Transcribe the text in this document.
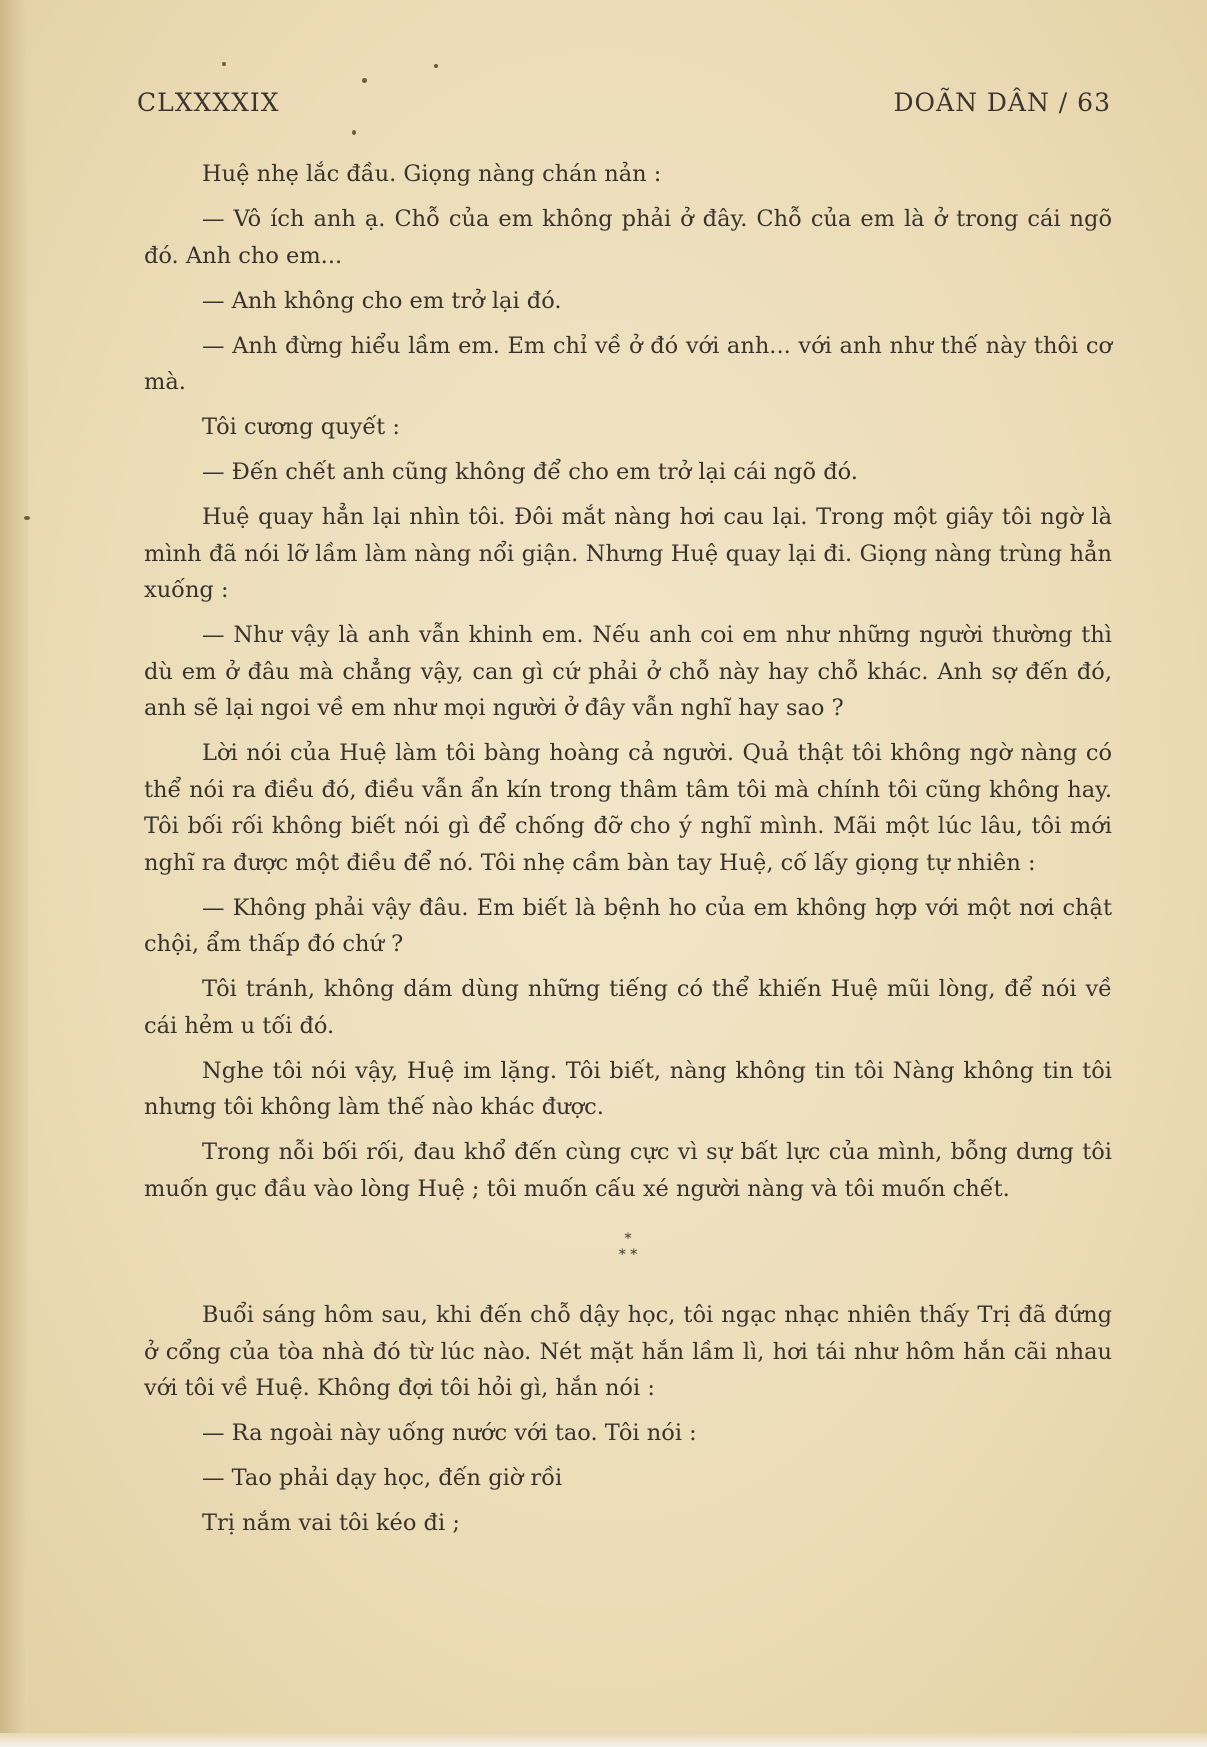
CLXXXXIX	DOÃN DÂN / 63

Huệ nhẹ lắc đầu. Giọng nàng chán nản :

— Vô ích anh ạ. Chỗ của em không phải ở đây. Chỗ của em là ở trong cái ngõ đó. Anh cho em...

— Anh không cho em trở lại đó.

— Anh đừng hiểu lầm em. Em chỉ về ở đó với anh... với anh như thế này thôi cơ mà.

Tôi cương quyết :

— Đến chết anh cũng không để cho em trở lại cái ngõ đó.

Huệ quay hẳn lại nhìn tôi. Đôi mắt nàng hơi cau lại. Trong một giây tôi ngờ là mình đã nói lỡ lầm làm nàng nổi giận. Nhưng Huệ quay lại đi. Giọng nàng trùng hẳn xuống :

— Như vậy là anh vẫn khinh em. Nếu anh coi em như những người thường thì dù em ở đâu mà chẳng vậy, can gì cứ phải ở chỗ này hay chỗ khác. Anh sợ đến đó, anh sẽ lại ngoi về em như mọi người ở đây vẫn nghĩ hay sao ?

Lời nói của Huệ làm tôi bàng hoàng cả người. Quả thật tôi không ngờ nàng có thể nói ra điều đó, điều vẫn ẩn kín trong thâm tâm tôi mà chính tôi cũng không hay. Tôi bối rối không biết nói gì để chống đỡ cho ý nghĩ mình. Mãi một lúc lâu, tôi mới nghĩ ra được một điều để nó. Tôi nhẹ cầm bàn tay Huệ, cố lấy giọng tự nhiên :

— Không phải vậy đâu. Em biết là bệnh ho của em không hợp với một nơi chật chội, ẩm thấp đó chứ ?

Tôi tránh, không dám dùng những tiếng có thể khiến Huệ mũi lòng, để nói về cái hẻm u tối đó.

Nghe tôi nói vậy, Huệ im lặng. Tôi biết, nàng không tin tôi Nàng không tin tôi nhưng tôi không làm thế nào khác được.

Trong nỗi bối rối, đau khổ đến cùng cực vì sự bất lực của mình, bỗng dưng tôi muốn gục đầu vào lòng Huệ ; tôi muốn cấu xé người nàng và tôi muốn chết.

*
* *

Buổi sáng hôm sau, khi đến chỗ dậy học, tôi ngạc nhạc nhiên thấy Trị đã đứng ở cổng của tòa nhà đó từ lúc nào. Nét mặt hắn lầm lì, hơi tái như hôm hắn cãi nhau với tôi về Huệ. Không đợi tôi hỏi gì, hắn nói :

— Ra ngoài này uống nước với tao. Tôi nói :

— Tao phải dạy học, đến giờ rồi

Trị nắm vai tôi kéo đi ;
